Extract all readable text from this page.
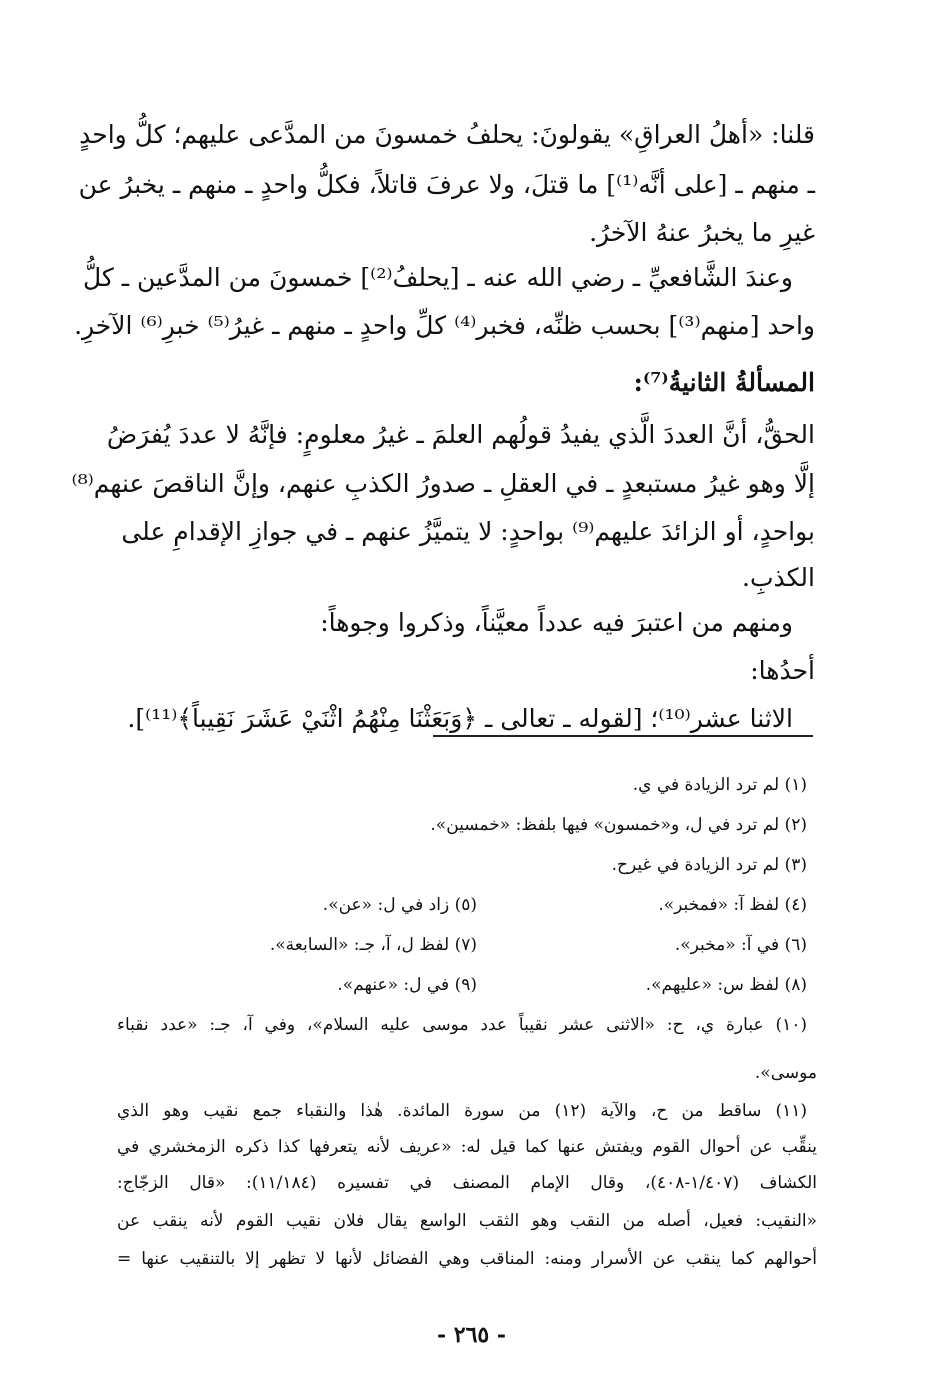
قلنا: «أهلُ العراقِ» يقولونَ: يحلفُ خمسونَ من المدَّعى عليهم؛ كلُّ واحدٍ
ـ منهم ـ [على أنَّه⁽¹⁾] ما قتلَ، ولا عرفَ قاتلاً، فكلُّ واحدٍ ـ منهم ـ يخبرُ عن
غيرِ ما يخبرُ عنهُ الآخرُ.
وعندَ الشَّافعيِّ ـ رضي الله عنه ـ [يحلفُ⁽²⁾] خمسونَ من المدَّعين ـ كلُّ
واحد [منهم⁽³⁾] بحسب ظنِّه، فخبر⁽⁴⁾ كلِّ واحدٍ ـ منهم ـ غيرُ⁽⁵⁾ خبرِ⁽⁶⁾ الآخرِ.
المسألةُ الثانيةُ⁽⁷⁾:
الحقُّ، أنَّ العددَ الَّذي يفيدُ قولُهم العلمَ ـ غيرُ معلومٍ: فإنَّهُ لا عددَ يُفرَضُ
إلَّا وهو غيرُ مستبعدٍ ـ في العقلِ ـ صدورُ الكذبِ عنهم، وإنَّ الناقصَ عنهم⁽⁸⁾
بواحدٍ، أو الزائدَ عليهم⁽⁹⁾ بواحدٍ: لا يتميَّزُ عنهم ـ في جوازِ الإقدامِ على
الكذبِ.
ومنهم من اعتبرَ فيه عدداً معيَّناً، وذكروا وجوهاً:
أحدُها:
الاثنا عشر⁽¹⁰⁾؛ [لقوله ـ تعالى ـ ﴿وَبَعَثْنَا مِنْهُمُ اثْنَيْ عَشَرَ نَقِيباً﴾⁽¹¹⁾].
(١) لم ترد الزيادة في ي.
(٢) لم ترد في ل، و«خمسون» فيها بلفظ: «خمسين».
(٣) لم ترد الزيادة في غيرح.
(٤) لفظ آ: «فمخبر».
(٥) زاد في ل: «عن».
(٦) في آ: «مخبر».
(٧) لفظ ل، آ، جـ: «السابعة».
(٨) لفظ س: «عليهم».
(٩) في ل: «عنهم».
(١٠) عبارة ي، ح: «الاثنى عشر نقيباً عدد موسى عليه السلام»، وفي آ، جـ: «عدد نقباء
موسى».
(١١) ساقط من ح، والآية (١٢) من سورة المائدة. هٰذا والنقباء جمع نقيب وهو الذي
ينقِّب عن أحوال القوم ويفتش عنها كما قيل له: «عريف لأنه يتعرفها كذا ذكره الزمخشري في
الكشاف (١/٤٠٧-٤٠٨)، وقال الإمام المصنف في تفسيره (١١/١٨٤): «قال الزجّاج:
«النقيب: فعيل، أصله من النقب وهو الثقب الواسع يقال فلان نقيب القوم لأنه ينقب عن
أحوالهم كما ينقب عن الأسرار ومنه: المناقب وهي الفضائل لأنها لا تظهر إلا بالتنقيب عنها =
- ٢٦٥ -
